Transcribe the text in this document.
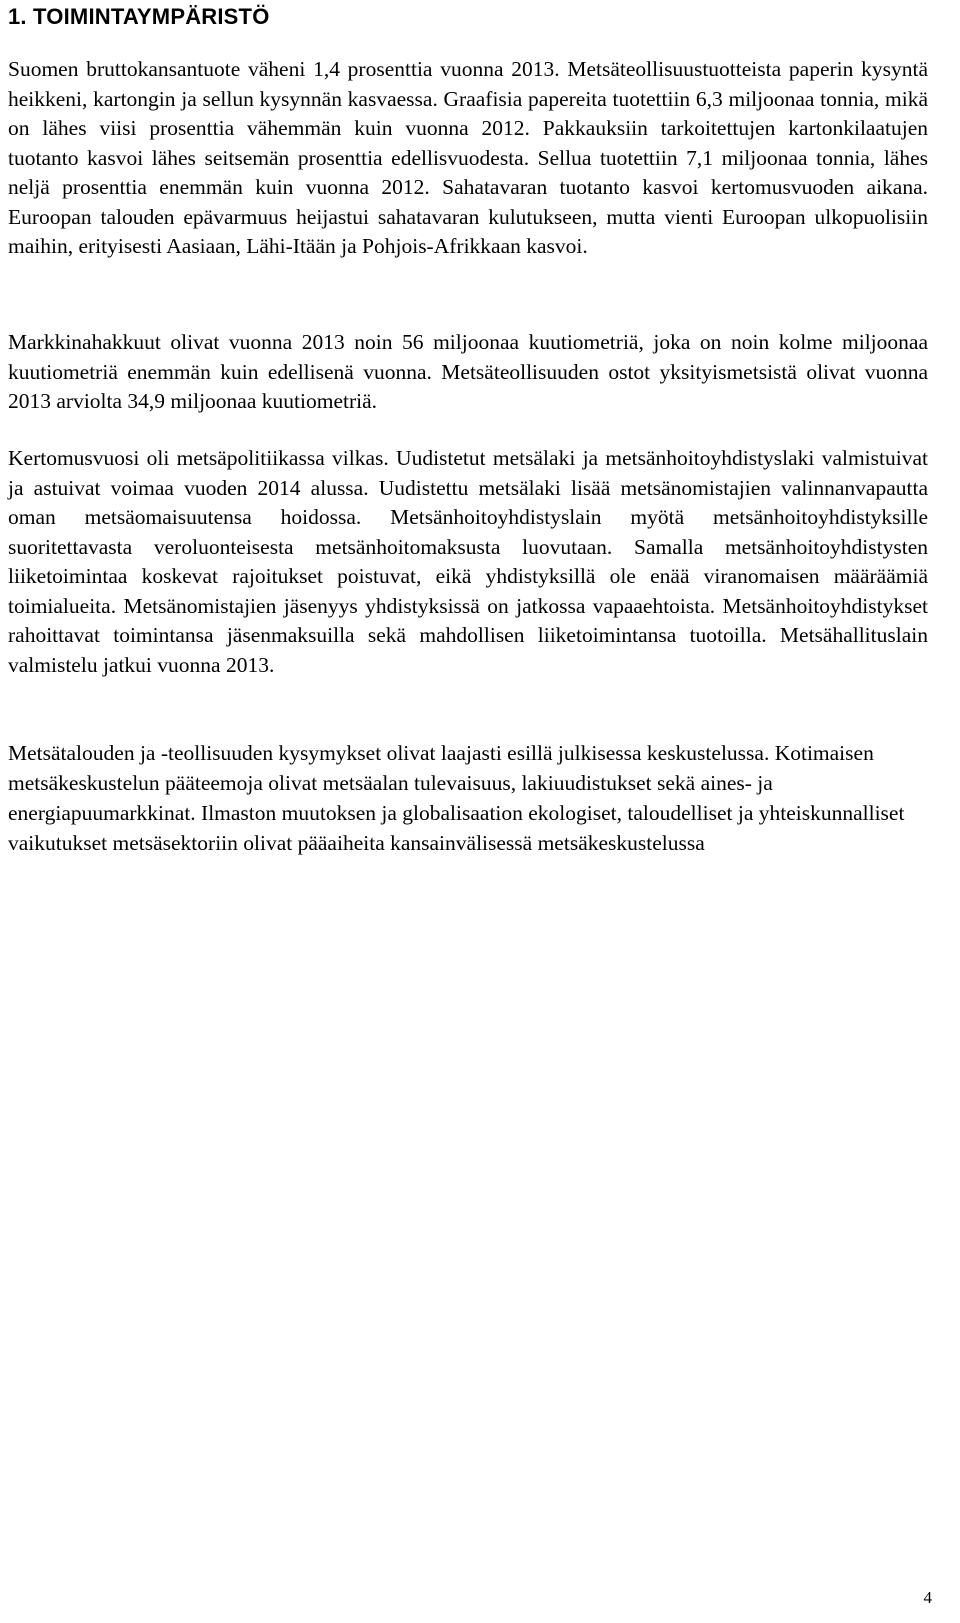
1. TOIMINTAYMPÄRISTÖ

Suomen bruttokansantuote väheni 1,4 prosenttia vuonna 2013. Metsäteollisuustuotteista paperin kysyntä heikkeni, kartongin ja sellun kysynnän kasvaessa. Graafisia papereita tuotettiin 6,3 miljoonaa tonnia, mikä on lähes viisi prosenttia vähemmän kuin vuonna 2012. Pakkauksiin tarkoitettujen kartonkilaatujen tuotanto kasvoi lähes seitsemän prosenttia edellisvuodesta. Sellua tuotettiin 7,1 miljoonaa tonnia, lähes neljä prosenttia enemmän kuin vuonna 2012. Sahatavaran tuotanto kasvoi kertomusvuoden aikana. Euroopan talouden epävarmuus heijastui sahatavaran kulutukseen, mutta vienti Euroopan ulkopuolisiin maihin, erityisesti Aasiaan, Lähi-Itään ja Pohjois-Afrikkaan kasvoi.

Markkinahakkuut olivat vuonna 2013 noin 56 miljoonaa kuutiometriä, joka on noin kolme miljoonaa kuutiometriä enemmän kuin edellisenä vuonna. Metsäteollisuuden ostot yksityismetsistä olivat vuonna 2013 arviolta 34,9 miljoonaa kuutiometriä.

Kertomusvuosi oli metsäpolitiikassa vilkas. Uudistetut metsälaki ja metsänhoitoyhdistyslaki valmistuivat ja astuivat voimaa vuoden 2014 alussa. Uudistettu metsälaki lisää metsänomistajien valinnanvapautta oman metsäomaisuutensa hoidossa. Metsänhoitoyhdistyslain myötä metsänhoitoyhdistyksille suoritettavasta veroluonteisesta metsänhoitomaksusta luovutaan. Samalla metsänhoitoyhdistysten liiketoimintaa koskevat rajoitukset poistuvat, eikä yhdistyksillä ole enää viranomaisen määräämiä toimialueita. Metsänomistajien jäsenyys yhdistyksissä on jatkossa vapaaehtoista. Metsänhoitoyhdistykset rahoittavat toimintansa jäsenmaksuilla sekä mahdollisen liiketoimintansa tuotoilla. Metsähallituslain valmistelu jatkui vuonna 2013.

Metsätalouden ja -teollisuuden kysymykset olivat laajasti esillä julkisessa keskustelussa. Kotimaisen metsäkeskustelun pääteemoja olivat metsäalan tulevaisuus, lakiuudistukset sekä aines- ja energiapuumarkkinat. Ilmaston muutoksen ja globalisaation ekologiset, taloudelliset ja yhteiskunnalliset vaikutukset metsäsektoriin olivat pääaiheita kansainvälisessä metsäkeskustelussa

4
